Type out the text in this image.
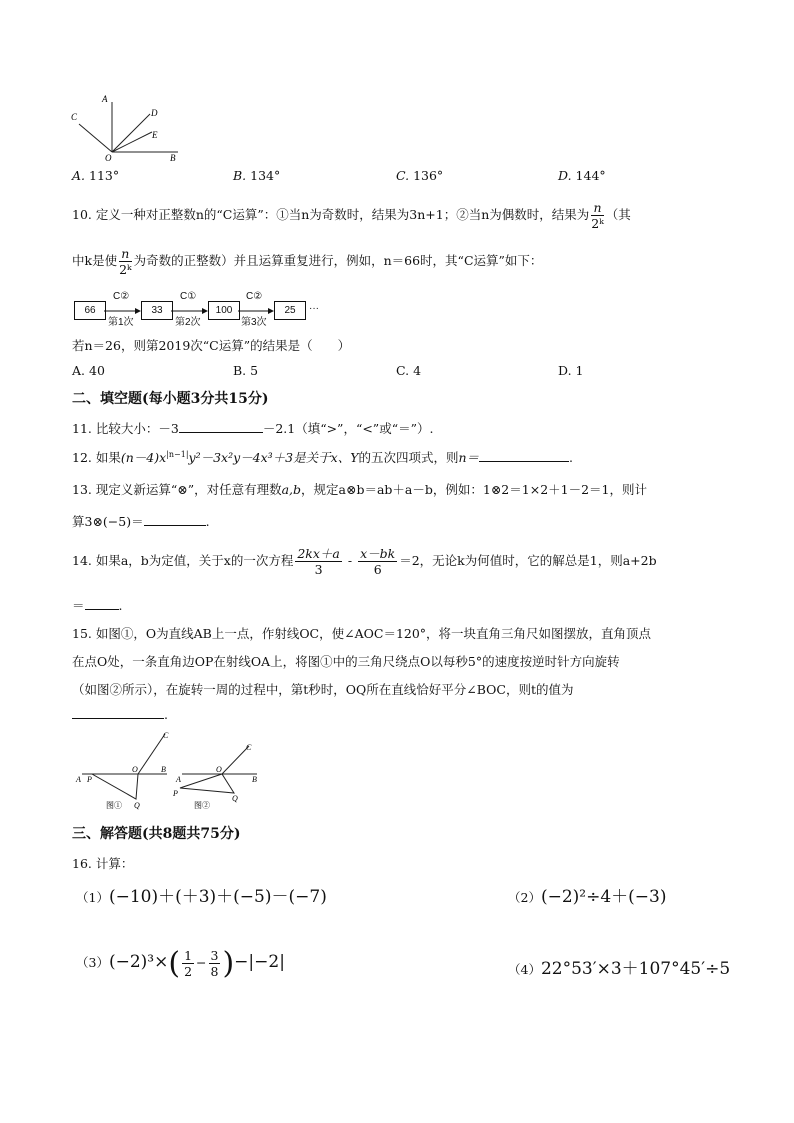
A
C	D
E
O	B
A. 113°	B. 134°	C. 136°	D. 144°
10. 定义一种对正整数n的“C运算”：①当n为奇数时，结果为3n+1；②当n为偶数时，结果为 $\frac{n}{\text{2ᵏ}}$ （其
中k是使 $\frac{n}{\text{2ᵏ}}$ 为奇数的正整数）并且运算重复进行，例如，n＝66时，其“C运算”如下：
66	33	100	25
C②	C①	C②
第1次	第2次	第3次
···
若n＝26，则第2019次“C运算”的结果是（　　）
A. 40	B. 5	C. 4	D. 1
二、填空题(每小题3分共15分)
11. 比较大小：－3	－2.1（填“>”，“<”或“＝”）.
12. 如果$(n-4)x^{|n-1|}y^2-3x^2y-4x^3+3$是关于x、Y的五次四项式，则n＝	.
13. 现定义新运算“⊗”，对任意有理数a,b，规定a⊗b＝ab＋a－b，例如：1⊗2＝1×2＋1－2＝1，则计
算3⊗(−5)＝	.
14. 如果a，b为定值，关于x的一次方程 $\frac{2kx+a}{3} - \frac{x-bk}{6} =2$，无论k为何值时，它的解总是1，则a+2b
＝	.
15. 如图①，O为直线AB上一点，作射线OC，使∠AOC＝120°，将一块直角三角尺如图摆放，直角顶点
在点O处，一条直角边OP在射线OA上，将图①中的三角尺绕点O以每秒5°的速度按逆时针方向旋转
（如图②所示），在旋转一周的过程中，第t秒时，OQ所在直线恰好平分∠BOC，则t的值为
.
A P
O	B
C
Q
图①
A
P
O
B
C
Q
图②
三、解答题(共8题共75分)
16. 计算：
（1）(−10)＋(＋3)＋(−5)－(−7)	（2）(−2)²÷4＋(−3)
$(3)(-2)^3\times( \frac{1}{2} - \frac{3}{8} )-|-2|$	（4）22°53′×3＋107°45′÷5
